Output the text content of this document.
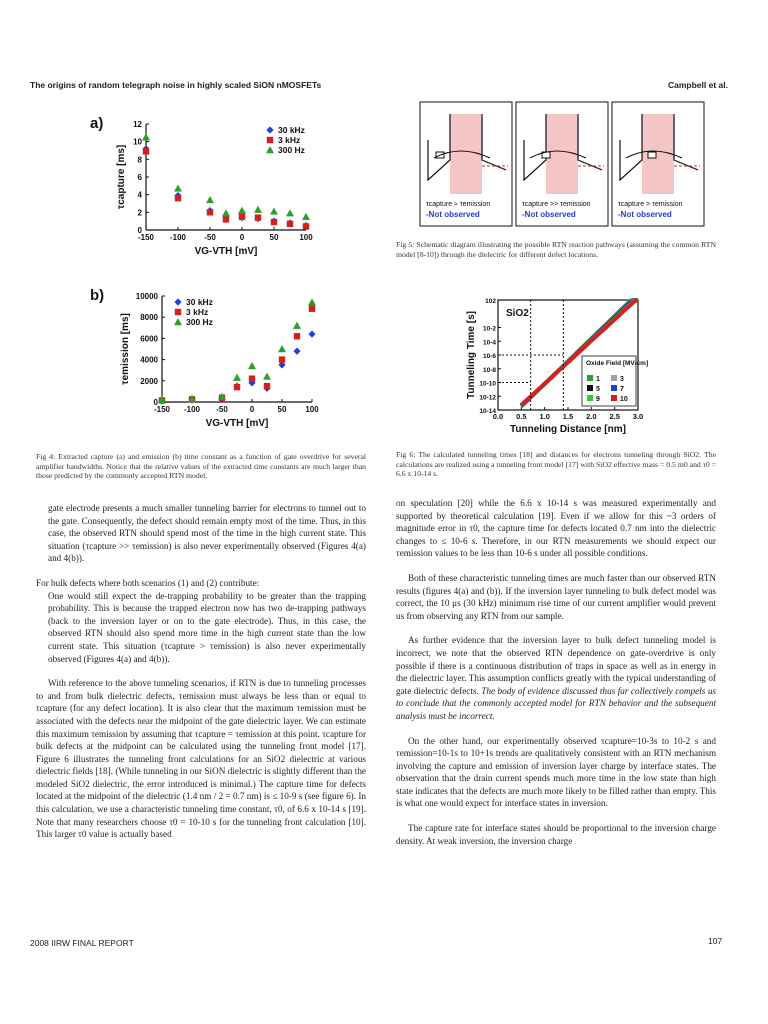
The origins of random telegraph noise in highly scaled SiON nMOSFETs	Campbell et al.
a)
-150 -100 -50	0	50	100
0
2
4
6
8
10
12
VG-VTH [mV]
τcapture [ms]
30 kHz
3 kHz
300 Hz
b)
-150 -100 -50	0	50 100
0
2000
4000
6000
8000
10000
VG-VTH [mV]
τemission [ms]
30 kHz
3 kHz
300 Hz
Fig 4: Extracted capture (a) and emission (b) time constant as a function of gate overdrive for several amplifier bandwidths. Notice that the relative values of the extracted time constants are much larger than those predicted by the commonly accepted RTN model.
τcapture ≈ τemission
-Not observed
τcapture >> τemission
-Not observed
τcapture > τemission
-Not observed
Fig 5: Schematic diagram illustrating the possible RTN reaction pathways (assuming the common RTN model [8-10]) through the dielectric for different defect locations.
SiO2
0.0 0.5 1.0 1.5 2.0 2.5 3.0
102
10-2
10-4
10-6
10-8
10-10
10-12
10-14
Tunneling Distance [nm]
Tunneling Time [s]	Oxide Field [MV/cm]
1	3
5	7
9	10
Fig 6: The calculated tunneling times [18] and distances for electrons tunneling through SiO2. The calculations are realized using a tunneling front model [17] with SiO2 effective mass = 0.5 m0 and τ0 = 6.6 x 10-14 s.

gate electrode presents a much smaller tunneling barrier for electrons to tunnel out to the gate. Consequently, the defect should remain empty most of the time. Thus, in this case, the observed RTN should spend most of the time in the high current state. This situation (τcapture >> τemission) is also never experimentally observed (Figures 4(a) and 4(b)).

For bulk defects where both scenarios (1) and (2) contribute:

One would still expect the de-trapping probability to be greater than the trapping probability. This is because the trapped electron now has two de-trapping pathways (back to the inversion layer or on to the gate electrode). Thus, in this case, the observed RTN should also spend more time in the high current state than the low current state. This situation (τcapture > τemission) is also never experimentally observed (Figures 4(a) and 4(b)).

With reference to the above tunneling scenarios, if RTN is due to tunneling processes to and from bulk dielectric defects, τemission must always be less than or equal to τcapture (for any defect location). It is also clear that the maximum τemission must be associated with the defects near the midpoint of the gate dielectric layer. We can estimate this maximum τemission by assuming that τcapture = τemission at this point. τcapture for bulk defects at the midpoint can be calculated using the tunneling front model [17]. Figure 6 illustrates the tunneling front calculations for an SiO2 dielectric at various dielectric fields [18]. (While tunneling in our SiON dielectric is slightly different than the modeled SiO2 dielectric, the error introduced is minimal.) The capture time for defects located at the midpoint of the dielectric (1.4 nm / 2 = 0.7 nm) is ≤ 10-9 s (see figure 6). In this calculation, we use a characteristic tunneling time constant, τ0, of 6.6 x 10-14 s [19]. Note that many researchers choose τ0 = 10-10 s for the tunneling front calculation [10]. This larger τ0 value is actually based

on speculation [20] while the 6.6 x 10-14 s was measured experimentally and supported by theoretical calculation [19]. Even if we allow for this ~3 orders of magnitude error in τ0, the capture time for defects located 0.7 nm into the dielectric changes to ≤ 10-6 s. Therefore, in our RTN measurements we should expect our τemission values to be less than 10-6 s under all possible conditions.

Both of these characteristic tunneling times are much faster than our observed RTN results (figures 4(a) and (b)). If the inversion layer tunneling to bulk defect model was correct, the 10 μs (30 kHz) minimum rise time of our current amplifier would prevent us from observing any RTN from our sample.

As further evidence that the inversion layer to bulk defect tunneling model is incorrect, we note that the observed RTN dependence on gate-overdrive is only possible if there is a continuous distribution of traps in space as well as in energy in the dielectric layer. This assumption conflicts greatly with the typical understanding of gate dielectric defects. The body of evidence discussed thus far collectively compels us to conclude that the commonly accepted model for RTN behavior and the subsequent analysis must be incorrect.

On the other hand, our experimentally observed τcapture=10-3s to 10-2 s and τemission=10-1s to 10+1s trends are qualitatively consistent with an RTN mechanism involving the capture and emission of inversion layer charge by interface states. The observation that the drain current spends much more time in the low state than high state indicates that the defects are much more likely to be filled rather than empty. This is what one would expect for interface states in inversion.

The capture rate for interface states should be proportional to the inversion charge density. At weak inversion, the inversion charge

2008 IIRW FINAL REPORT	107
